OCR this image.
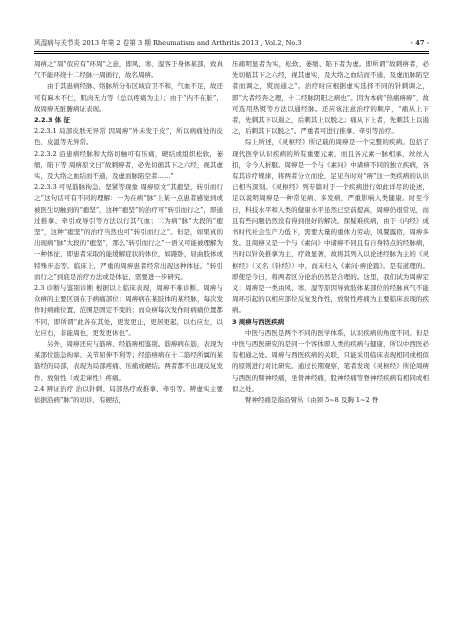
风湿病与关节炎 2013 年第 2 卷第 3 期 Rheumatism and Arthritis 2013 , Vol.2, No.3	· 47 ·

周痹之“周”似应有“环周”之意，即风、寒、湿客于身体某部，致真气不能环绕十二经脉一周循行，故名周痹。

由于其患病经脉、络脉所分布区域营卫不和，气血不足，故还可有麻木不仁，肌肉无力等（总以疼痛为主）；由于“内不在脏”，故周痹无脏腑病证表现。

2.2.3 体 征

2.2.3.1 局部皮肤无异常 因周痹“外未发于皮”，所以病痛处的皮色、皮温等无异常。

2.2.3.2 沿患病经脉和大络切触可有压痛，硬结或组织松软，萎缩，陷下等 周痹原文曰“故刺痹者，必先切循其下之六经，视其虚实，及大络之血结而不通，及虚而脉陷空者……”

2.2.3.3 可见筋脉拘急、坚紧等现象 周痹原文“其瘛坚，转引而行之”这句话可有不同的理解：一为在病“脉”上某一点患者感觉到或被医生切触到的“瘛坚”，这种“瘛坚”的治疗可“转引而行之”，即通过推拿、牵引或导引等方法以行其气血；二为病“脉”大段的“瘛坚”，这种“瘛坚”的治疗当然也可“转引而行之”。但是，如果真的出现病“脉”大段的“瘛坚”，那么“转引而行之”一语又可能被理解为一种体征，即患者采取的能缓解症状的体位，如踡卧，屈曲肢体或特殊步态等。临床上，严重的周痹患者经常出现这种体征。“转引而行之”到底是治疗方法或是体征，需要进一步研究。

2.3 诊断与鉴别诊断 根据以上临床表现，周痹不难诊断。周痹与众痹的主要区别在于病痛部位：周痹病在某肢体的某经脉，每次发作时病痛位置、范围是固定不变的；而众痹每次发作时病痛位置都不同，即所谓“此各在其处，更发更止，更居更起，以右应左，以左应右，非能周也，更发更休也”。

另外，周痹还应与筋痹、经筋痹相鉴别。筋痹病在筋，表现为某部位筋急拘挛、关节屈伸不利等；经筋痹病在十二筋经所属的某筋经的局部，表现为局部疼痛、压痛或硬结。两者都不出现反复发作、放射性（或走窜性）疼痛。

2.4 辨证治疗 治以针刺、局部热疗或推拿、牵引等。辨虚实主要依据沿病“脉”的切诊，有硬结，

压痛明显者为实，松软、萎缩、陷下者为虚。即所谓“故刺痹者，必先切循其下之六经，视其虚实，及大络之血结而不通，及虚而脉陷空者而调之，熨而通之”。治疗时应根据虚实选择不同的针刺调之，即“大者经奔之理，十二经脉阴阳之病也”。因为本病“热痛痹痹”，故可选用热熨等方法以通经脉。还应该注意治疗的顺序，“痛从上下者，先刺其下以遏之，后刺其上以脱之；痛从下上者，先刺其上以遏之，后刺其下以脱之”。严重者可进行推拿、牵引等治疗。

综上所述，《灵枢经》所记载的周痹是一个完整的疾病。包括了现代医学认识疾病的所有重要元素，而且各元素一脉相承，丝丝入扣，令今人折服。周痹是一个与《素问》中诸痹不同的独立疾病，各有其诊疗规律，将两者分立而论，足见当时对“痹”这一类疾病的认识已相当深刻。《灵枢经》列专篇对于一个疾病进行如此详尽的论述，足以说明周痹是一种常见病、多发病，严重影响人类健康。时至今日，科技水平和人类的健康水平虽然已空前提高，周痹仍很常见，而且有些问题仍然没有得到很好的解决。探疑难疾病，由于《内经》成书时代社会生产力低下，需要大量的重体力劳动，风餐露宿，周痹多发。且周痹又是一个与《素问》中诸痹不同且有自身特点的经脉病，当时以针灸推拿为主，疗效显著，故将其列入以论述经脉为主的《灵枢经》（又名《针经》）中，而未归入《素问·痹论篇》。是有道理的。即使是今日，将两者区分论治仍然是合理的。这里，我们试为周痹定义：周痹是一类由风、寒、湿等原因导致肢体某部位的经脉真气不能周环引起的以相应部位反复发作性，放射性疼痛为主要临床表现的疾病。

3 周痹与西医疾病

中医与西医是两个不同的医学体系，认识疾病的角度不同。但是中医与西医研究的是同一个客体即人类的疾病与健康，所以中西医必有相通之处。周痹与西医疾病的关联，只能采用临床表现相同或相似的原则进行对比研究。通过长期观察，笔者发现《灵枢经》所论周痹与西医的臂神经痛，坐骨神经痛，股神经痛等脊神经疾病有相同或相似之处。

臂神经痛是指沿臂丛（由颈 5~8 及胸 1~2 脊
